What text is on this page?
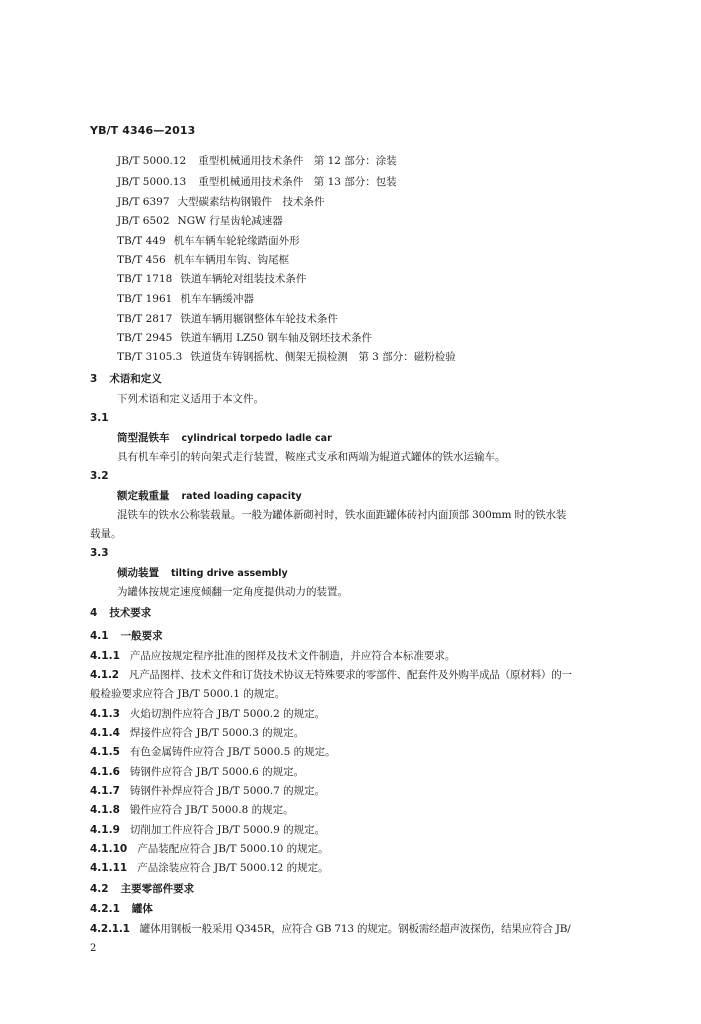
YB/T 4346—2013
JB/T 5000.12 重型机械通用技术条件　第 12 部分：涂装
JB/T 5000.13 重型机械通用技术条件　第 13 部分：包装
JB/T 6397 大型碳素结构钢锻件　技术条件
JB/T 6502 NGW 行星齿轮减速器
TB/T 449 机车车辆车轮轮缘踏面外形
TB/T 456 机车车辆用车钩、钩尾框
TB/T 1718 铁道车辆轮对组装技术条件
TB/T 1961 机车车辆缓冲器
TB/T 2817 铁道车辆用辗钢整体车轮技术条件
TB/T 2945 铁道车辆用 LZ50 钢车轴及钢坯技术条件
TB/T 3105.3 铁道货车铸钢摇枕、侧架无损检测　第 3 部分：磁粉检验
3 术语和定义
下列术语和定义适用于本文件。
3.1
筒型混铁车 cylindrical torpedo ladle car
具有机车牵引的转向架式走行装置，鞍座式支承和两端为辊道式罐体的铁水运输车。
3.2
额定载重量 rated loading capacity
混铁车的铁水公称装载量。一般为罐体新砌衬时，铁水面距罐体砖衬内面顶部 300mm 时的铁水装
载量。
3.3
倾动装置 tilting drive assembly
为罐体按规定速度倾翻一定角度提供动力的装置。
4 技术要求
4.1 一般要求
4.1.1 产品应按规定程序批准的图样及技术文件制造，并应符合本标准要求。
4.1.2 凡产品图样、技术文件和订货技术协议无特殊要求的零部件、配套件及外购半成品（原材料）的一
般检验要求应符合 JB/T 5000.1 的规定。
4.1.3 火焰切割件应符合 JB/T 5000.2 的规定。
4.1.4 焊接件应符合 JB/T 5000.3 的规定。
4.1.5 有色金属铸件应符合 JB/T 5000.5 的规定。
4.1.6 铸钢件应符合 JB/T 5000.6 的规定。
4.1.7 铸钢件补焊应符合 JB/T 5000.7 的规定。
4.1.8 锻件应符合 JB/T 5000.8 的规定。
4.1.9 切削加工件应符合 JB/T 5000.9 的规定。
4.1.10 产品装配应符合 JB/T 5000.10 的规定。
4.1.11 产品涂装应符合 JB/T 5000.12 的规定。
4.2 主要零部件要求
4.2.1 罐体
4.2.1.1 罐体用钢板一般采用 Q345R，应符合 GB 713 的规定。钢板需经超声波探伤，结果应符合 JB/
2
